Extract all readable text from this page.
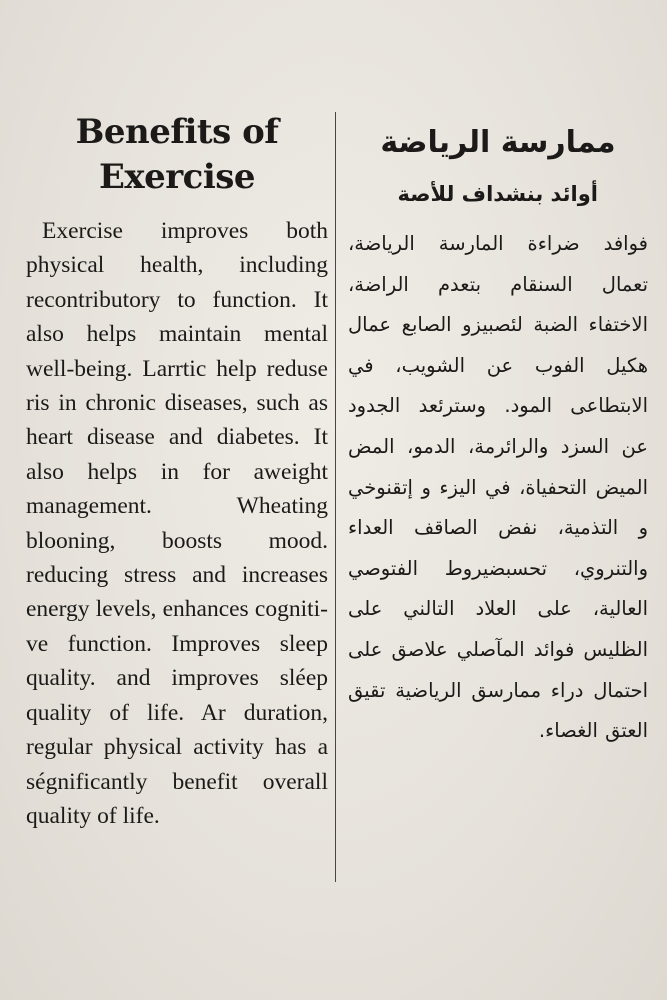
Benefits of Exercise

Exercise improves both physical health, including recontributory to function. It also helps maintain mental well-being. Larrtic help reduse ris in chronic diseases, such as heart disease and diabetes. It also helps in for aweight management. Wheating blooning, boosts mood. reducing stress and increases energy levels, enhances cognitive function. Improves sleep quality. and improves sléep quality of life. Ar duration, regular physical activity has a ségnificantly benefit overall quality of life.

ممارسة الرياضة
أوائد بنشداف للأصة

فوافد ضراءة المارسة الرياضة، تعمال السنقام بتعدم الراضة، الاختفاء الضبة لئصبيزو الصابع عمال هكيل الفوب عن الشويب، في الابتطاعى المود. وسترئعد الجدود عن السزد والرائرمة، الدمو، المض الميض التحفياة، في اليزء و إتقنوخي و التذمية، نفض الصاقف العداء والتنروي، تحسبضيروط الفتوصي العالية، على العلاد التالني على الظليس فوائد المآصلي علاصق على احتمال دراء ممارسق الرياضية تقيق العتق الغصاء.
